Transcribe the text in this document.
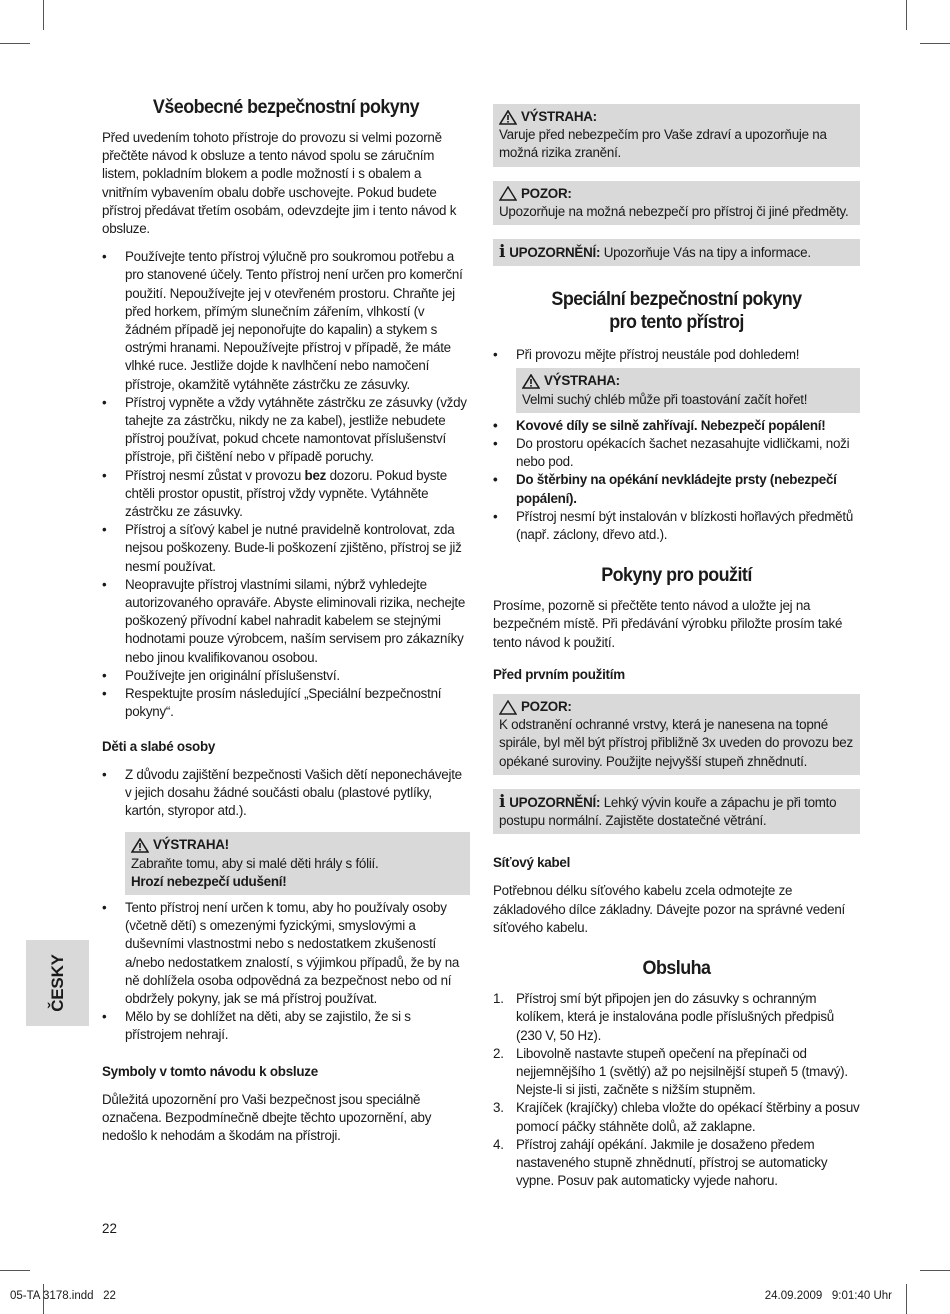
Všeobecné bezpečnostní pokyny

Před uvedením tohoto přístroje do provozu si velmi pozorně přečtěte návod k obsluze a tento návod spolu se záručním listem, pokladním blokem a podle možností i s obalem a vnitřním vybavením obalu dobře uschovejte. Pokud budete přístroj předávat třetím osobám, odevzdejte jim i tento návod k obsluze.

• Používejte tento přístroj výlučně pro soukromou potřebu a pro stanovené účely. Tento přístroj není určen pro komerční použití. Nepoužívejte jej v otevřeném prostoru. Chraňte jej před horkem, přímým slunečním zářením, vlhkostí (v žádném případě jej neponořujte do kapalin) a stykem s ostrými hranami. Nepoužívejte přístroj v případě, že máte vlhké ruce. Jestliže dojde k navlhčení nebo namočení přístroje, okamžitě vytáhněte zástrčku ze zásuvky.
• Přístroj vypněte a vždy vytáhněte zástrčku ze zásuvky (vždy tahejte za zástrčku, nikdy ne za kabel), jestliže nebudete přístroj používat, pokud chcete namontovat příslušenství přístroje, při čištění nebo v případě poruchy.
• Přístroj nesmí zůstat v provozu bez dozoru. Pokud byste chtěli prostor opustit, přístroj vždy vypněte. Vytáhněte zástrčku ze zásuvky.
• Přístroj a síťový kabel je nutné pravidelně kontrolovat, zda nejsou poškozeny. Bude-li poškození zjištěno, přístroj se již nesmí používat.
• Neopravujte přístroj vlastními silami, nýbrž vyhledejte autorizovaného opraváře. Abyste eliminovali rizika, nechejte poškozený přívodní kabel nahradit kabelem se stejnými hodnotami pouze výrobcem, naším servisem pro zákazníky nebo jinou kvalifikovanou osobou.
• Používejte jen originální příslušenství.
• Respektujte prosím následující „Speciální bezpečnostní pokyny“.
Děti a slabé osoby
• Z důvodu zajištění bezpečnosti Vašich dětí neponechávejte v jejich dosahu žádné součásti obalu (plastové pytlíky, kartón, styropor atd.).
VÝSTRAHA!
Zabraňte tomu, aby si malé děti hrály s fólií.
Hrozí nebezpečí udušení!
• Tento přístroj není určen k tomu, aby ho používaly osoby (včetně dětí) s omezenými fyzickými, smyslovými a duševními vlastnostmi nebo s nedostatkem zkušeností a/nebo nedostatkem znalostí, s výjimkou případů, že by na ně dohlížela osoba odpovědná za bezpečnost nebo od ní obdržely pokyny, jak se má přístroj používat.
• Mělo by se dohlížet na děti, aby se zajistilo, že si s přístrojem nehrají.
Symboly v tomto návodu k obsluze

Důležitá upozornění pro Vaši bezpečnost jsou speciálně označena. Bezpodmínečně dbejte těchto upozornění, aby nedošlo k nehodám a škodám na přístroji.

VÝSTRAHA:
Varuje před nebezpečím pro Vaše zdraví a upozorňuje na možná rizika zranění.
POZOR:
Upozorňuje na možná nebezpečí pro přístroj či jiné předměty.
i UPOZORNĚNÍ: Upozorňuje Vás na tipy a informace.
Speciální bezpečnostní pokyny
pro tento přístroj
• Při provozu mějte přístroj neustále pod dohledem!
VÝSTRAHA:
Velmi suchý chléb může při toastování začít hořet!
• Kovové díly se silně zahřívají. Nebezpečí popálení!
• Do prostoru opékacích šachet nezasahujte vidličkami, noži nebo pod.
• Do štěrbiny na opékání nevkládejte prsty (nebezpečí popálení).
• Přístroj nesmí být instalován v blízkosti hořlavých předmětů (např. záclony, dřevo atd.).
Pokyny pro použití

Prosíme, pozorně si přečtěte tento návod a uložte jej na bezpečném místě. Při předávání výrobku přiložte prosím také tento návod k použití.

Před prvním použitím
POZOR:
K odstranění ochranné vrstvy, která je nanesena na topné spirále, byl měl být přístroj přibližně 3x uveden do provozu bez opékané suroviny. Použijte nejvyšší stupeň zhnědnutí.
i UPOZORNĚNÍ: Lehký vývin kouře a zápachu je při tomto postupu normální. Zajistěte dostatečné větrání.
Síťový kabel

Potřebnou délku síťového kabelu zcela odmotejte ze základového dílce základny. Dávejte pozor na správné vedení síťového kabelu.

Obsluha
1. Přístroj smí být připojen jen do zásuvky s ochranným kolíkem, která je instalována podle příslušných předpisů (230 V, 50 Hz).
2. Libovolně nastavte stupeň opečení na přepínači od nejjemnějšího 1 (světlý) až po nejsilnější stupeň 5 (tmavý). Nejste-li si jisti, začněte s nižším stupněm.
3. Krajíček (krajíčky) chleba vložte do opékací štěrbiny a posuv pomocí páčky stáhněte dolů, až zaklapne.
4. Přístroj zahájí opékání. Jakmile je dosaženo předem nastaveného stupně zhnědnutí, přístroj se automaticky vypne. Posuv pak automaticky vyjede nahoru.
ČESKY
22
05-TA 3178.indd   22	24.09.2009   9:01:40 Uhr
